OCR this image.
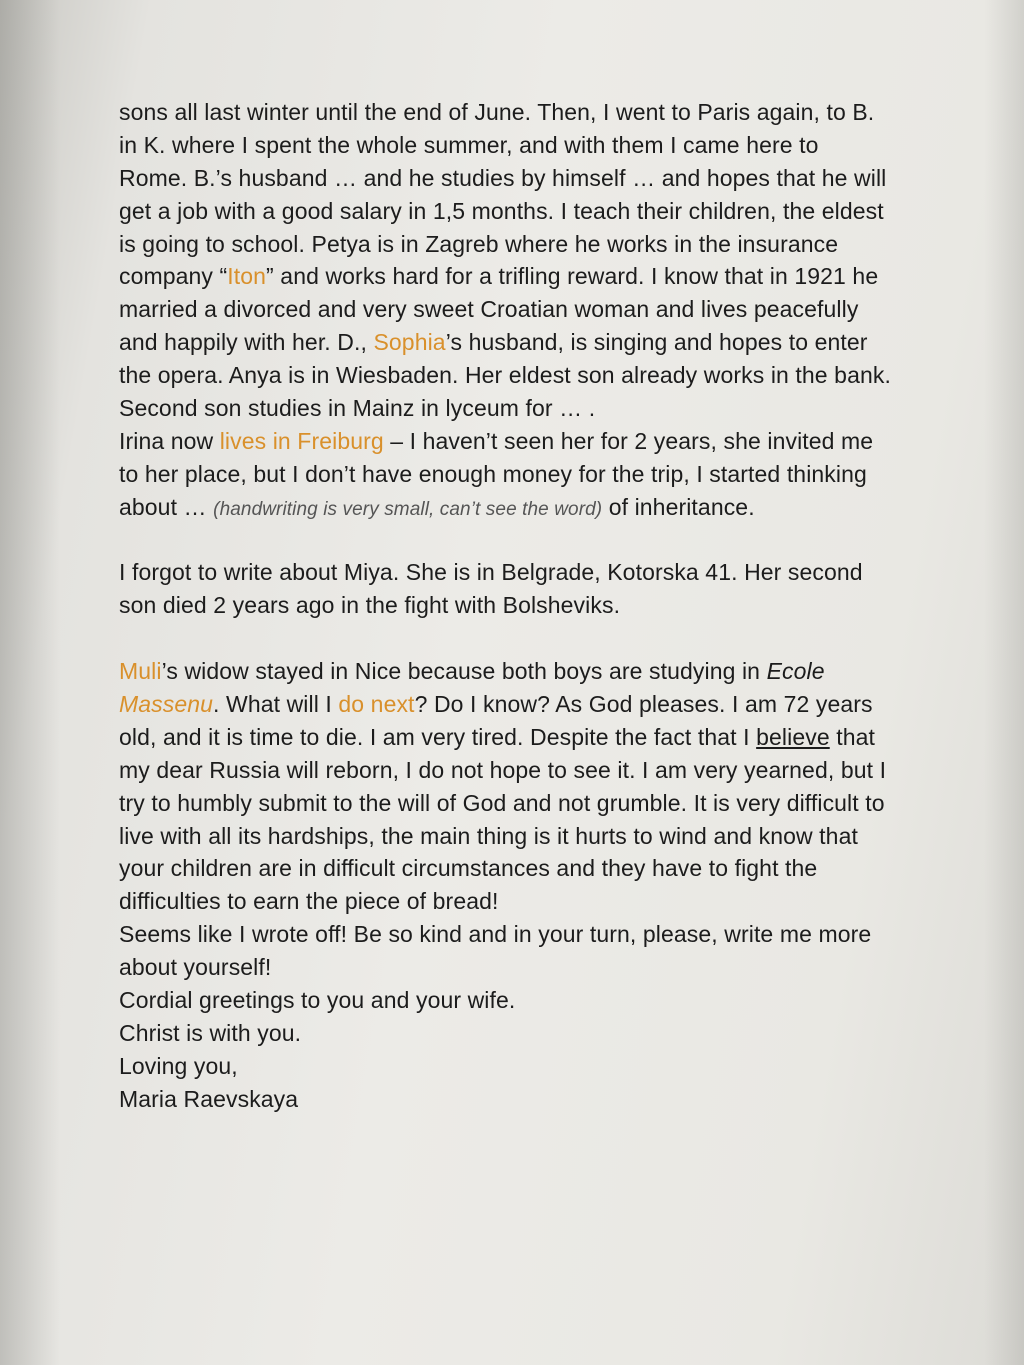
sons all last winter until the end of June. Then, I went to Paris again, to B.
in K. where I spent the whole summer, and with them I came here to
Rome. B.’s husband … and he studies by himself … and hopes that he will
get a job with a good salary in 1,5 months. I teach their children, the eldest
is going to school. Petya is in Zagreb where he works in the insurance
company “Iton” and works hard for a trifling reward. I know that in 1921 he
married a divorced and very sweet Croatian woman and lives peacefully
and happily with her. D., Sophia’s husband, is singing and hopes to enter
the opera. Anya is in Wiesbaden. Her eldest son already works in the bank.
Second son studies in Mainz in lyceum for … .
Irina now lives in Freiburg – I haven’t seen her for 2 years, she invited me
to her place, but I don’t have enough money for the trip, I started thinking
about … (handwriting is very small, can’t see the word) of inheritance.
I forgot to write about Miya. She is in Belgrade, Kotorska 41. Her second
son died 2 years ago in the fight with Bolsheviks.
Muli’s widow stayed in Nice because both boys are studying in Ecole
Massenu. What will I do next? Do I know? As God pleases. I am 72 years
old, and it is time to die. I am very tired. Despite the fact that I believe that
my dear Russia will reborn, I do not hope to see it. I am very yearned, but I
try to humbly submit to the will of God and not grumble. It is very difficult to
live with all its hardships, the main thing is it hurts to wind and know that
your children are in difficult circumstances and they have to fight the
difficulties to earn the piece of bread!
Seems like I wrote off! Be so kind and in your turn, please, write me more
about yourself!
Cordial greetings to you and your wife.
Christ is with you.
Loving you,
Maria Raevskaya
